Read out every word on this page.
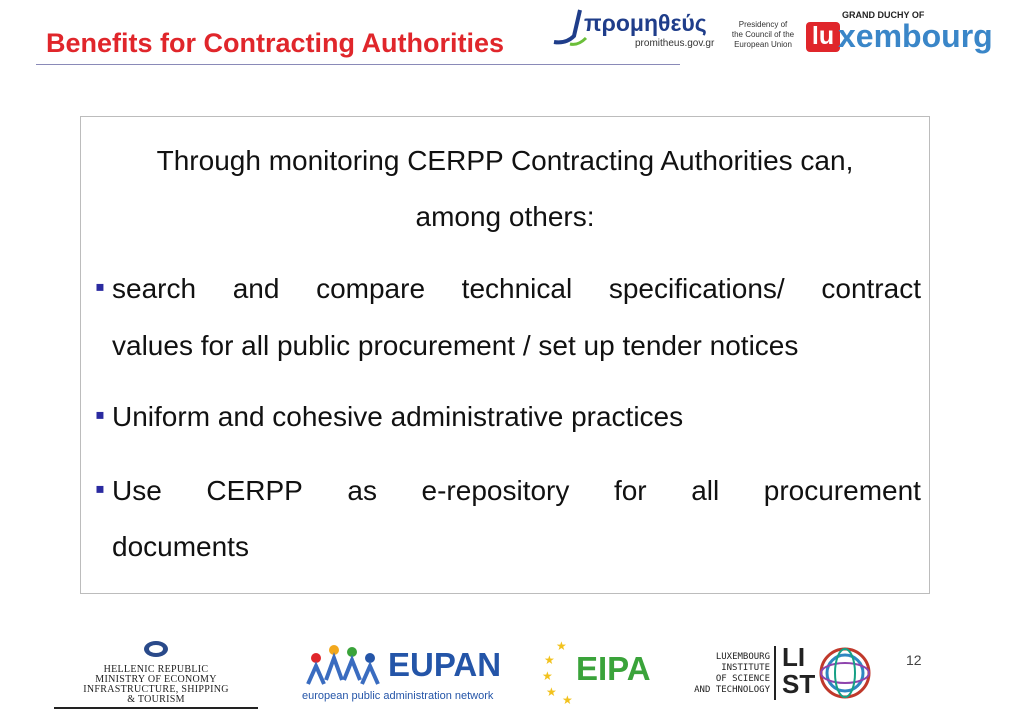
Benefits for Contracting Authorities
προμηθεύς
promitheus.gov.gr
Presidency of
the Council of the
European Union
GRAND DUCHY OF
lu xembourg
Through monitoring CERPP Contracting Authorities can,
among others:
▪ search and compare technical specifications/ contract
values for all public procurement / set up tender notices
▪ Uniform and cohesive administrative practices
▪ Use CERPP as e-repository for all procurement
documents
HELLENIC REPUBLIC
MINISTRY OF ECONOMY
INFRASTRUCTURE, SHIPPING
& TOURISM
EUPAN
european public administration network
★
★
★
★
★
EIPA	LUXEMBOURG
INSTITUTE
OF SCIENCE
AND TECHNOLOGY
LI
ST
12
